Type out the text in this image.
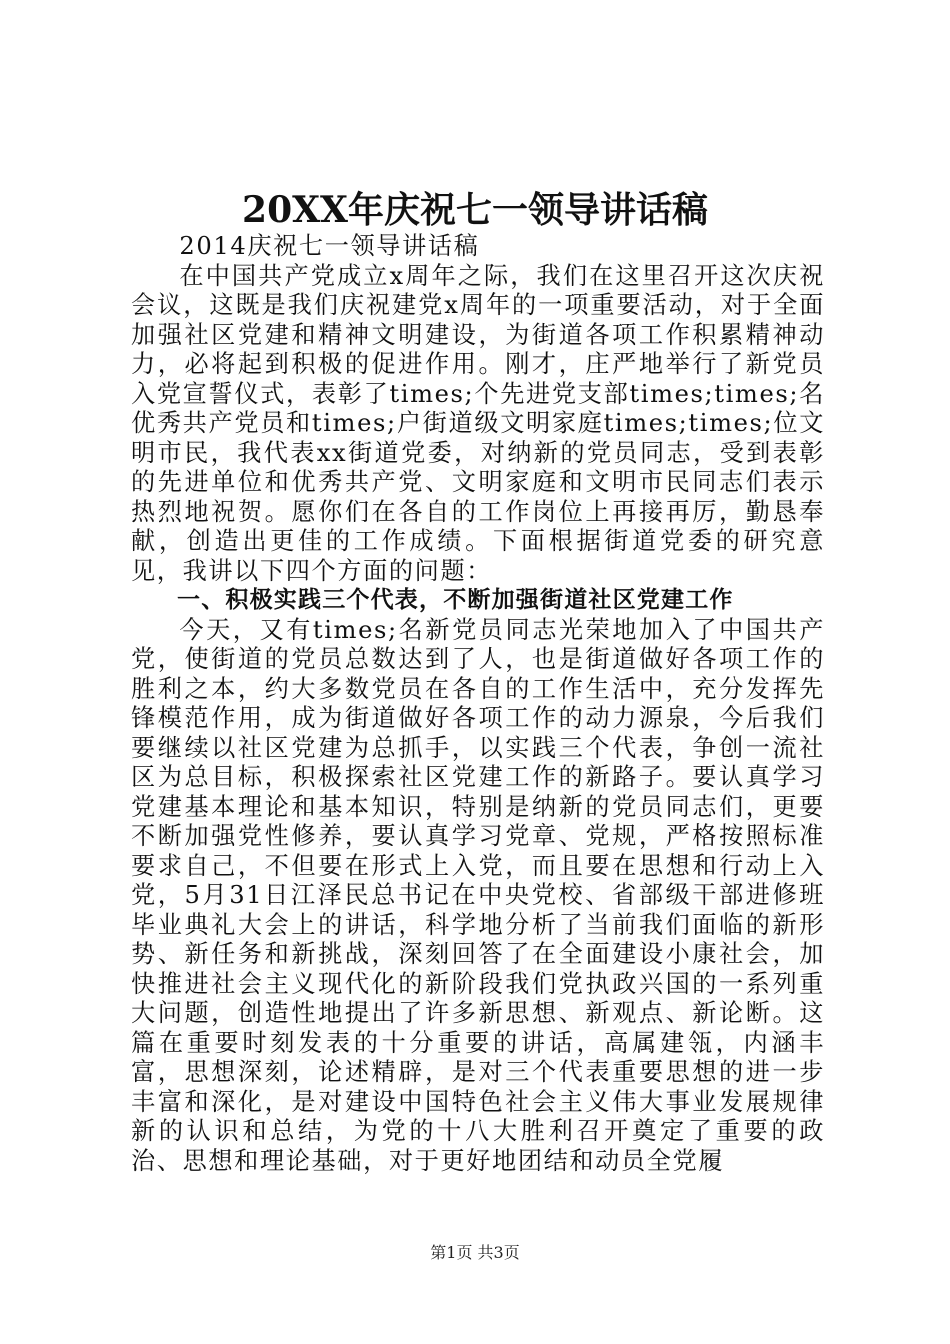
20XX年庆祝七一领导讲话稿

2014庆祝七一领导讲话稿

在中国共产党成立x周年之际，我们在这里召开这次庆祝会议，这既是我们庆祝建党x周年的一项重要活动，对于全面加强社区党建和精神文明建设，为街道各项工作积累精神动力，必将起到积极的促进作用。刚才，庄严地举行了新党员入党宣誓仪式，表彰了times;个先进党支部times;times;名优秀共产党员和times;户街道级文明家庭times;times;位文明市民，我代表xx街道党委，对纳新的党员同志，受到表彰的先进单位和优秀共产党、文明家庭和文明市民同志们表示热烈地祝贺。愿你们在各自的工作岗位上再接再厉，勤恳奉献，创造出更佳的工作成绩。下面根据街道党委的研究意见，我讲以下四个方面的问题：

一、积极实践三个代表，不断加强街道社区党建工作

今天，又有times;名新党员同志光荣地加入了中国共产党，使街道的党员总数达到了人，也是街道做好各项工作的胜利之本，约大多数党员在各自的工作生活中，充分发挥先锋模范作用，成为街道做好各项工作的动力源泉，今后我们要继续以社区党建为总抓手，以实践三个代表，争创一流社区为总目标，积极探索社区党建工作的新路子。要认真学习党建基本理论和基本知识，特别是纳新的党员同志们，更要不断加强党性修养，要认真学习党章、党规，严格按照标准要求自己，不但要在形式上入党，而且要在思想和行动上入党，5月31日江泽民总书记在中央党校、省部级干部进修班毕业典礼大会上的讲话，科学地分析了当前我们面临的新形势、新任务和新挑战，深刻回答了在全面建设小康社会，加快推进社会主义现代化的新阶段我们党执政兴国的一系列重大问题，创造性地提出了许多新思想、新观点、新论断。这篇在重要时刻发表的十分重要的讲话，高属建瓴，内涵丰富，思想深刻，论述精辟，是对三个代表重要思想的进一步丰富和深化，是对建设中国特色社会主义伟大事业发展规律新的认识和总结，为党的十八大胜利召开奠定了重要的政治、思想和理论基础，对于更好地团结和动员全党履

第1页 共3页
